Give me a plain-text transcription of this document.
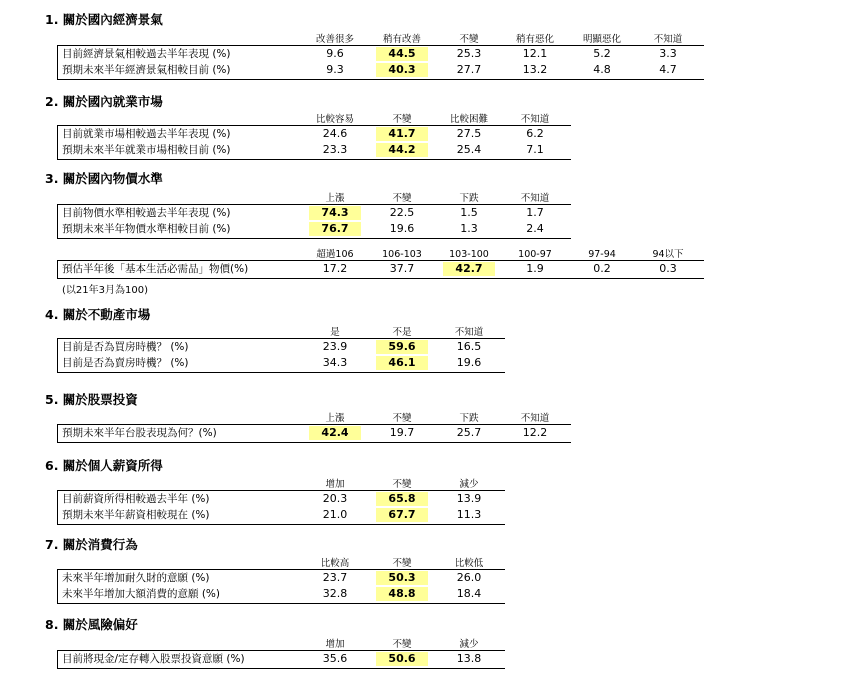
1. 關於國內經濟景氣
改善很多	稍有改善	不變	稍有惡化	明顯惡化	不知道
目前經濟景氣相較過去半年表現 (%)	9.6	44.5	25.3	12.1	5.2	3.3
預期未來半年經濟景氣相較目前 (%)	9.3	40.3	27.7	13.2	4.8	4.7
2. 關於國內就業市場
比較容易	不變	比較困難	不知道
目前就業市場相較過去半年表現 (%)	24.6	41.7	27.5	6.2
預期未來半年就業市場相較目前 (%)	23.3	44.2	25.4	7.1
3. 關於國內物價水準
上漲	不變	下跌	不知道
目前物價水準相較過去半年表現 (%)	74.3	22.5	1.5	1.7
預期未來半年物價水準相較目前 (%)	76.7	19.6	1.3	2.4
超過106	106-103	103-100	100-97	97-94	94以下
預估半年後「基本生活必需品」物價(%)	17.2	37.7	42.7	1.9	0.2	0.3
(以21年3月為100)
4. 關於不動產市場
是	不是	不知道
目前是否為買房時機？ (%)	23.9	59.6	16.5
目前是否為賣房時機？ (%)	34.3	46.1	19.6
5. 關於股票投資
上漲	不變	下跌	不知道
預期未來半年台股表現為何？(%)	42.4	19.7	25.7	12.2
6. 關於個人薪資所得
增加	不變	減少
目前薪資所得相較過去半年 (%)	20.3	65.8	13.9
預期未來半年薪資相較現在 (%)	21.0	67.7	11.3
7. 關於消費行為
比較高	不變	比較低
未來半年增加耐久財的意願 (%)	23.7	50.3	26.0
未來半年增加大額消費的意願 (%)	32.8	48.8	18.4
8. 關於風險偏好
增加	不變	減少
目前將現金/定存轉入股票投資意願 (%)	35.6	50.6	13.8
